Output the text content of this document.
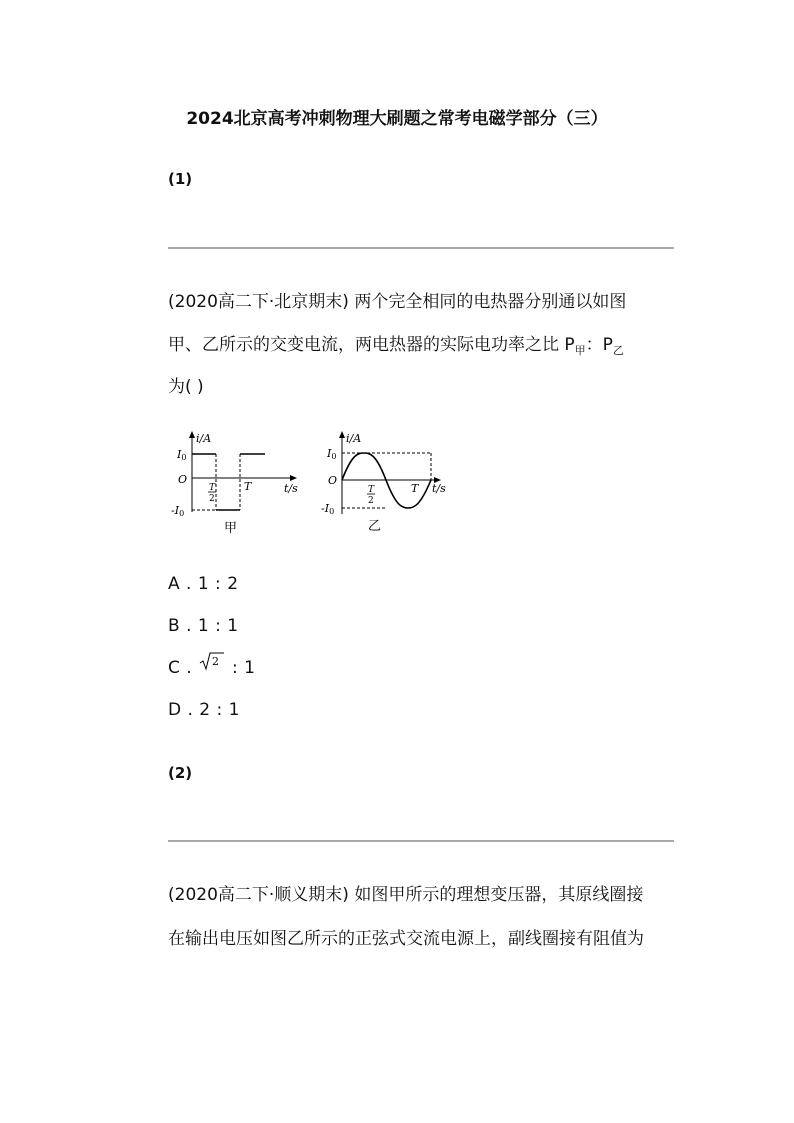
2024北京高考冲刺物理大刷题之常考电磁学部分（三）
(1)
(2020高二下·北京期末) 两个完全相同的电热器分别通以如图
甲、乙所示的交变电流，两电热器的实际电功率之比 $P_甲$：$P_乙$
为( )
i/A
I0
O
-I0
T
2
T	t/s
甲
i/A
I0
O
-I0
T
2
T t/s
乙
A . 1 : 2
B . 1 : 1
C . 2 : 1
D . 2 : 1
(2)
(2020高二下·顺义期末) 如图甲所示的理想变压器，其原线圈接
在输出电压如图乙所示的正弦式交流电源上，副线圈接有阻值为
